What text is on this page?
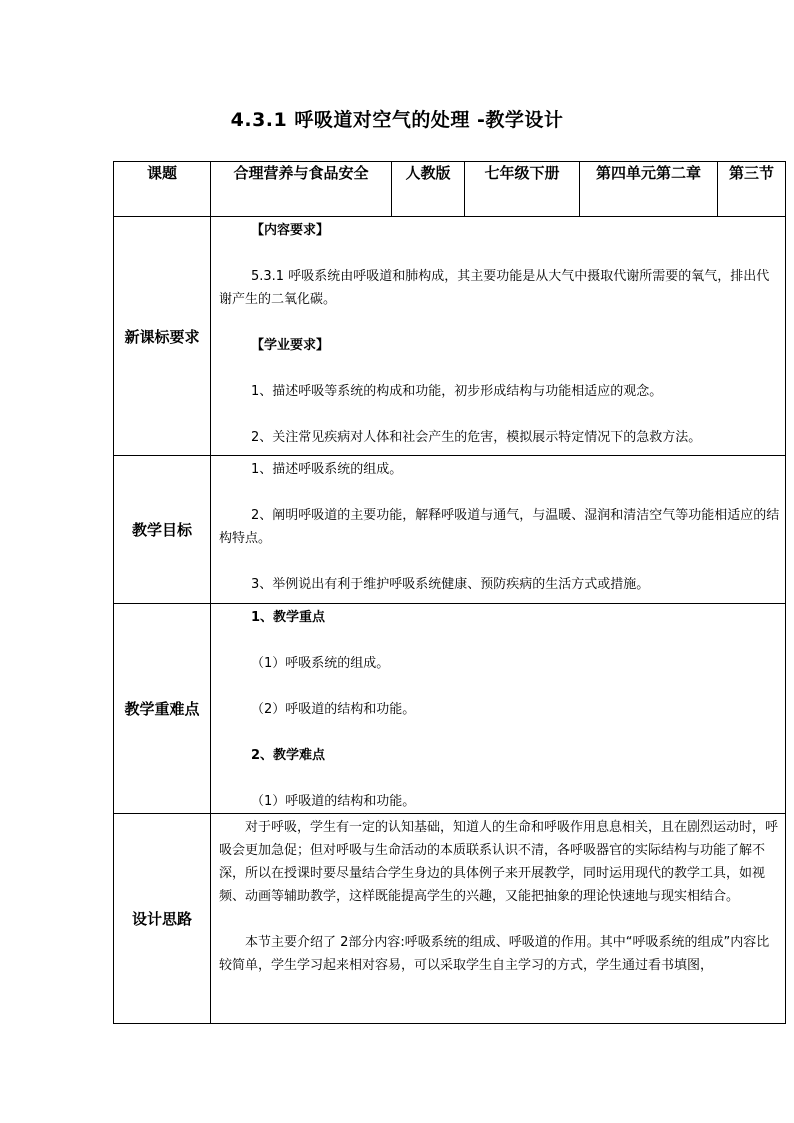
4.3.1 呼吸道对空气的处理 -教学设计
课题	合理营养与食品安全	人教版	七年级下册	第四单元第二章	第三节
新课标要求	【内容要求】

5.3.1 呼吸系统由呼吸道和肺构成，其主要功能是从大气中摄取代谢所需要的氧气，排出代谢产生的二氧化碳。

【学业要求】

1、描述呼吸等系统的构成和功能，初步形成结构与功能相适应的观念。

2、关注常见疾病对人体和社会产生的危害，模拟展示特定情况下的急救方法。				

教学目标	1、描述呼吸系统的组成。

2、阐明呼吸道的主要功能，解释呼吸道与通气，与温暖、湿润和清洁空气等功能相适应的结构特点。

3、举例说出有利于维护呼吸系统健康、预防疾病的生活方式或措施。				

教学重难点	1、教学重点

（1）呼吸系统的组成。

（2）呼吸道的结构和功能。

2、教学难点

（1）呼吸道的结构和功能。				

设计思路	对于呼吸，学生有一定的认知基础，知道人的生命和呼吸作用息息相关，且在剧烈运动时，呼吸会更加急促；但对呼吸与生命活动的本质联系认识不清，各呼吸器官的实际结构与功能了解不深，所以在授课时要尽量结合学生身边的具体例子来开展教学，同时运用现代的教学工具，如视频、动画等辅助教学，这样既能提高学生的兴趣，又能把抽象的理论快速地与现实相结合。

本节主要介绍了 2部分内容:呼吸系统的组成、呼吸道的作用。其中“呼吸系统的组成”内容比较简单，学生学习起来相对容易，可以采取学生自主学习的方式，学生通过看书填图，				
